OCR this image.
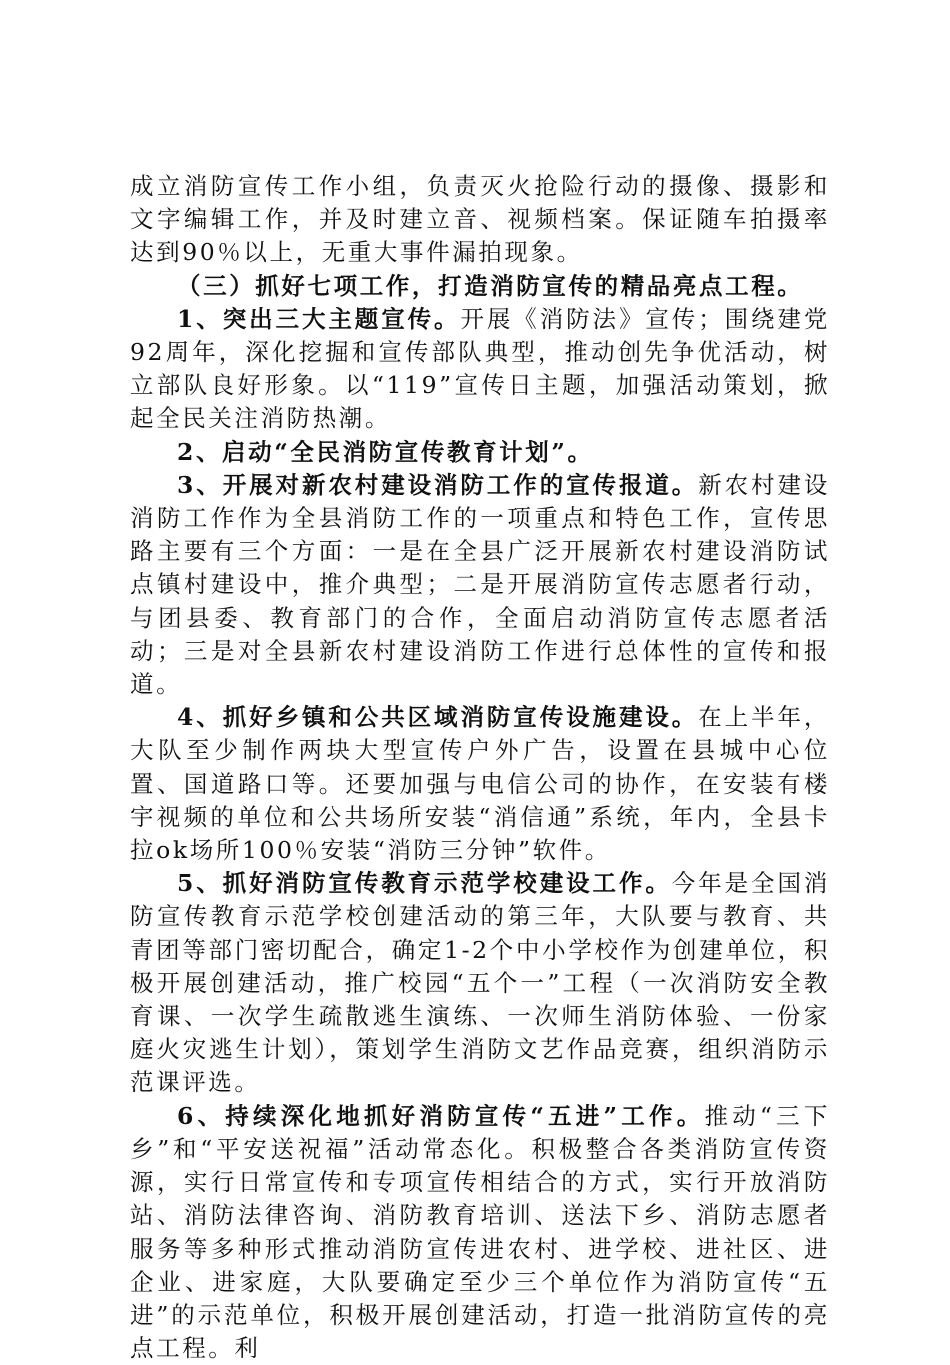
成立消防宣传工作小组，负责灭火抢险行动的摄像、摄影和文字编辑工作，并及时建立音、视频档案。保证随车拍摄率达到90％以上，无重大事件漏拍现象。

（三）抓好七项工作，打造消防宣传的精品亮点工程。

1、突出三大主题宣传。开展《消防法》宣传；围绕建党92周年，深化挖掘和宣传部队典型，推动创先争优活动，树立部队良好形象。以“119”宣传日主题，加强活动策划，掀起全民关注消防热潮。

2、启动“全民消防宣传教育计划”。

3、开展对新农村建设消防工作的宣传报道。新农村建设消防工作作为全县消防工作的一项重点和特色工作，宣传思路主要有三个方面：一是在全县广泛开展新农村建设消防试点镇村建设中，推介典型；二是开展消防宣传志愿者行动，与团县委、教育部门的合作，全面启动消防宣传志愿者活动；三是对全县新农村建设消防工作进行总体性的宣传和报道。

4、抓好乡镇和公共区域消防宣传设施建设。在上半年，大队至少制作两块大型宣传户外广告，设置在县城中心位置、国道路口等。还要加强与电信公司的协作，在安装有楼宇视频的单位和公共场所安装“消信通”系统，年内，全县卡拉ok场所100％安装“消防三分钟”软件。

5、抓好消防宣传教育示范学校建设工作。今年是全国消防宣传教育示范学校创建活动的第三年，大队要与教育、共青团等部门密切配合，确定1-2个中小学校作为创建单位，积极开展创建活动，推广校园“五个一”工程（一次消防安全教育课、一次学生疏散逃生演练、一次师生消防体验、一份家庭火灾逃生计划），策划学生消防文艺作品竞赛，组织消防示范课评选。

6、持续深化地抓好消防宣传“五进”工作。推动“三下乡”和“平安送祝福”活动常态化。积极整合各类消防宣传资源，实行日常宣传和专项宣传相结合的方式，实行开放消防站、消防法律咨询、消防教育培训、送法下乡、消防志愿者服务等多种形式推动消防宣传进农村、进学校、进社区、进企业、进家庭，大队要确定至少三个单位作为消防宣传“五进”的示范单位，积极开展创建活动，打造一批消防宣传的亮点工程。利
